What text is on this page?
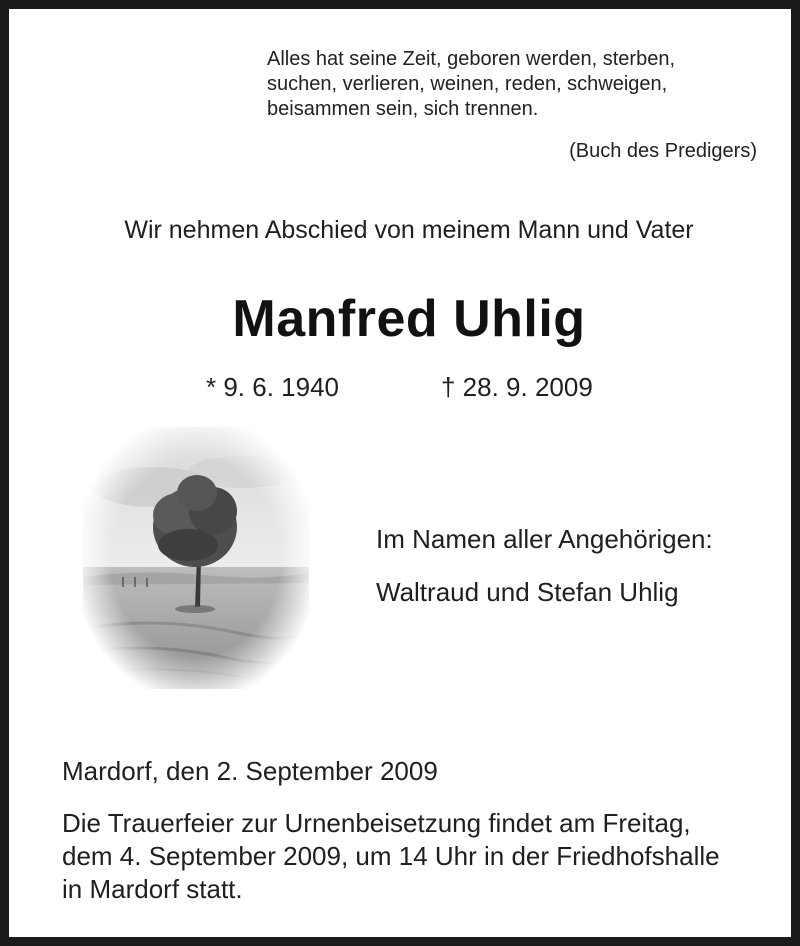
Alles hat seine Zeit, geboren werden, sterben,
suchen, verlieren, weinen, reden, schweigen,
beisammen sein, sich trennen.
(Buch des Predigers)
Wir nehmen Abschied von meinem Mann und Vater
Manfred Uhlig
* 9. 6. 1940	† 28. 9. 2009
Im Namen aller Angehörigen:
Waltraud und Stefan Uhlig
Mardorf, den 2. September 2009
Die Trauerfeier zur Urnenbeisetzung findet am Freitag,
dem 4. September 2009, um 14 Uhr in der Friedhofshalle
in Mardorf statt.
